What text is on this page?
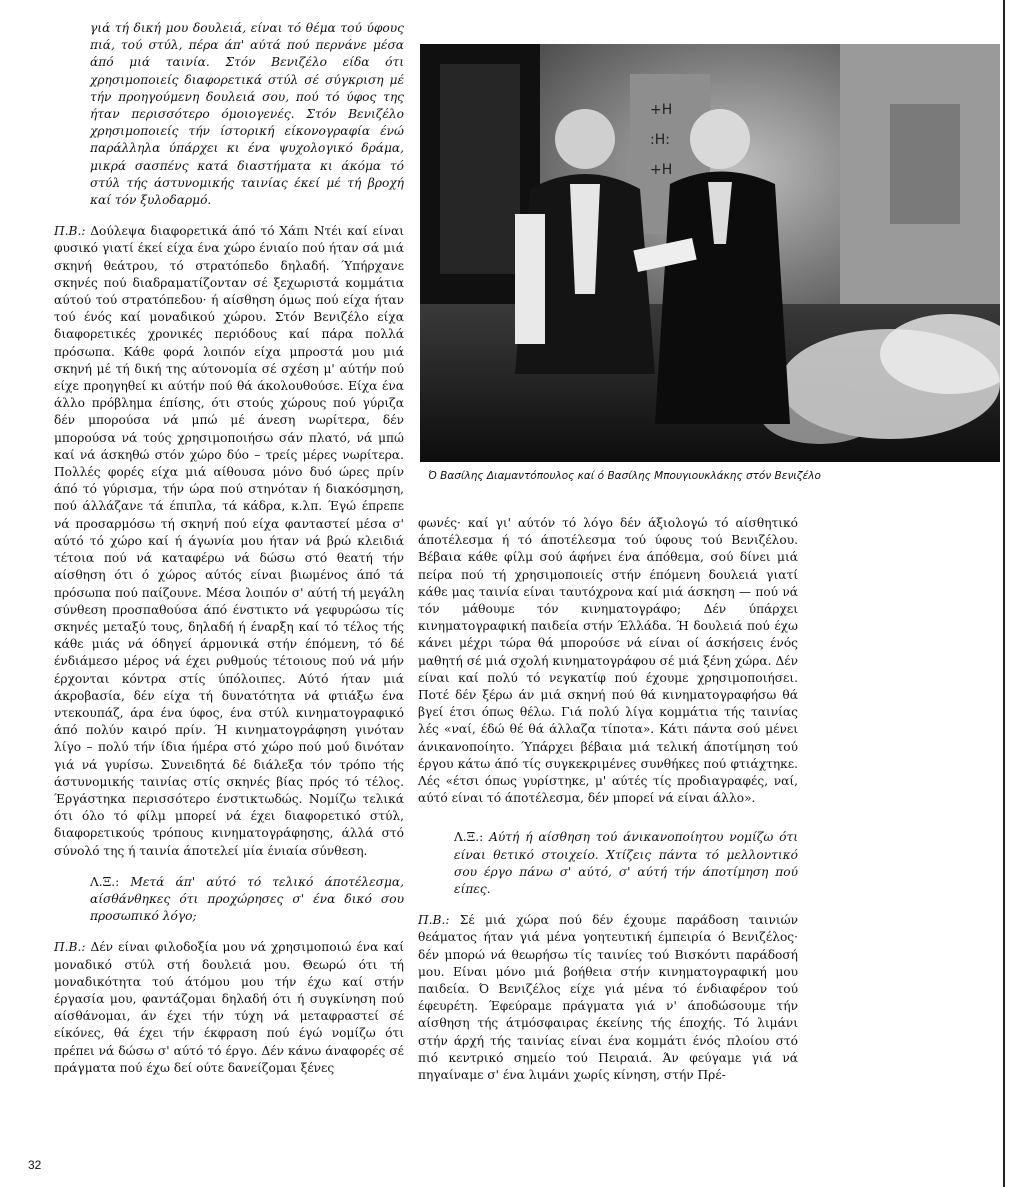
γιά τή δική μου δουλειά, είναι τό θέμα τού ύφους πιά, τού στύλ, πέρα άπ' αύτά πού περνάνε μέσα άπό μιά ταινία. Στόν Βενιζέλο είδα ότι χρησιμοποιείς διαφορετικά στύλ σέ σύγκριση μέ τήν προηγούμενη δουλειά σου, πού τό ύφος της ήταν περισσότερο όμοιογενές. Στόν Βενιζέλο χρησιμοποιείς τήν ίστορική είκονογραφία ένώ παράλληλα ύπάρχει κι ένα ψυχολογικό δράμα, μικρά σασπένς κατά διαστήματα κι άκόμα τό στύλ τής άστυνομικής ταινίας έκεί μέ τή βροχή καί τόν ξυλοδαρμό.

Π.Β.: Δούλεψα διαφορετικά άπό τό Χάπι Ντέι καί είναι φυσικό γιατί έκεί είχα ένα χώρο ένιαίο πού ήταν σά μιά σκηνή θεάτρου, τό στρατόπεδο δηλαδή. Ύπήρχανε σκηνές πού διαδραματίζονταν σέ ξεχωριστά κομμάτια αύτού τού στρατόπεδου· ή αίσθηση όμως πού είχα ήταν τού ένός καί μοναδικού χώρου. Στόν Βενιζέλο είχα διαφορετικές χρονικές περιόδους καί πάρα πολλά πρόσωπα. Κάθε φορά λοιπόν είχα μπροστά μου μιά σκηνή μέ τή δική της αύτονομία σέ σχέση μ' αύτήν πού είχε προηγηθεί κι αύτήν πού θά άκολουθούσε. Είχα ένα άλλο πρόβλημα έπίσης, ότι στούς χώρους πού γύριζα δέν μπορούσα νά μπώ μέ άνεση νωρίτερα, δέν μπορούσα νά τούς χρησιμοποιήσω σάν πλατό, νά μπώ καί νά άσκηθώ στόν χώρο δύο – τρείς μέρες νωρίτερα. Πολλές φορές είχα μιά αίθουσα μόνο δυό ώρες πρίν άπό τό γύρισμα, τήν ώρα πού στηνόταν ή διακόσμηση, πού άλλάζανε τά έπιπλα, τά κάδρα, κ.λπ. Έγώ έπρεπε νά προσαρμόσω τή σκηνή πού είχα φανταστεί μέσα σ' αύτό τό χώρο καί ή άγωνία μου ήταν νά βρώ κλειδιά τέτοια πού νά καταφέρω νά δώσω στό θεατή τήν αίσθηση ότι ό χώρος αύτός είναι βιωμένος άπό τά πρόσωπα πού παίζουνε. Μέσα λοιπόν σ' αύτή τή μεγάλη σύνθεση προσπαθούσα άπό ένστικτο νά γεφυρώσω τίς σκηνές μεταξύ τους, δηλαδή ή έναρξη καί τό τέλος τής κάθε μιάς νά όδηγεί άρμονικά στήν έπόμενη, τό δέ ένδιάμεσο μέρος νά έχει ρυθμούς τέτοιους πού νά μήν έρχονται κόντρα στίς ύπόλοιπες. Αύτό ήταν μιά άκροβασία, δέν είχα τή δυνατότητα νά φτιάξω ένα ντεκουπάζ, άρα ένα ύφος, ένα στύλ κινηματογραφικό άπό πολύν καιρό πρίν. Ή κινηματογράφηση γινόταν λίγο – πολύ τήν ίδια ήμέρα στό χώρο πού μού δινόταν γιά νά γυρίσω. Συνειδητά δέ διάλεξα τόν τρόπο τής άστυνομικής ταινίας στίς σκηνές βίας πρός τό τέλος. Έργάστηκα περισσότερο ένστικτωδώς. Νομίζω τελικά ότι όλο τό φίλμ μπορεί νά έχει διαφορετικό στύλ, διαφορετικούς τρόπους κινηματογράφησης, άλλά στό σύνολό της ή ταινία άποτελεί μία ένιαία σύνθεση.

Λ.Ξ.: Μετά άπ' αύτό τό τελικό άποτέλεσμα, αίσθάνθηκες ότι προχώρησες σ' ένα δικό σου προσωπικό λόγο;

Π.Β.: Δέν είναι φιλοδοξία μου νά χρησιμοποιώ ένα καί μοναδικό στύλ στή δουλειά μου. Θεωρώ ότι τή μοναδικότητα τού άτόμου μου τήν έχω καί στήν έργασία μου, φαντάζομαι δηλαδή ότι ή συγκίνηση πού αίσθάνομαι, άν έχει τήν τύχη νά μεταφραστεί σέ είκόνες, θά έχει τήν έκφραση πού έγώ νομίζω ότι πρέπει νά δώσω σ' αύτό τό έργο. Δέν κάνω άναφορές σέ πράγματα πού έχω δεί ούτε δανείζομαι ξένες

+H
:H:
+H
Ό Βασίλης Διαμαντόπουλος καί ό Βασίλης Μπουγιουκλάκης στόν Βενιζέλο

φωνές· καί γι' αύτόν τό λόγο δέν άξιολογώ τό αίσθητικό άποτέλεσμα ή τό άποτέλεσμα τού ύφους τού Βενιζέλου. Βέβαια κάθε φίλμ σού άφήνει ένα άπόθεμα, σού δίνει μιά πείρα πού τή χρησιμοποιείς στήν έπόμενη δουλειά γιατί κάθε μας ταινία είναι ταυτόχρονα καί μιά άσκηση — πού νά τόν μάθουμε τόν κινηματογράφο; Δέν ύπάρχει κινηματογραφική παιδεία στήν Έλλάδα. Ή δουλειά πού έχω κάνει μέχρι τώρα θά μπορούσε νά είναι οί άσκήσεις ένός μαθητή σέ μιά σχολή κινηματογράφου σέ μιά ξένη χώρα. Δέν είναι καί πολύ τό νεγκατίφ πού έχουμε χρησιμοποιήσει. Ποτέ δέν ξέρω άν μιά σκηνή πού θά κινηματογραφήσω θά βγεί έτσι όπως θέλω. Γιά πολύ λίγα κομμάτια τής ταινίας λές «ναί, έδώ θέ θά άλλαζα τίποτα». Κάτι πάντα σού μένει άνικανοποίητο. Ύπάρχει βέβαια μιά τελική άποτίμηση τού έργου κάτω άπό τίς συγκεκριμένες συνθήκες πού φτιάχτηκε. Λές «έτσι όπως γυρίστηκε, μ' αύτές τίς προδιαγραφές, ναί, αύτό είναι τό άποτέλεσμα, δέν μπορεί νά είναι άλλο».

Λ.Ξ.: Αύτή ή αίσθηση τού άνικανοποίητου νομίζω ότι είναι θετικό στοιχείο. Χτίζεις πάντα τό μελλοντικό σου έργο πάνω σ' αύτό, σ' αύτή τήν άποτίμηση πού είπες.

Π.Β.: Σέ μιά χώρα πού δέν έχουμε παράδοση ταινιών θεάματος ήταν γιά μένα γοητευτική έμπειρία ό Βενιζέλος· δέν μπορώ νά θεωρήσω τίς ταινίες τού Βισκόντι παράδοσή μου. Είναι μόνο μιά βοήθεια στήν κινηματογραφική μου παιδεία. Ό Βενιζέλος είχε γιά μένα τό ένδιαφέρον τού έφευρέτη. Έφεύραμε πράγματα γιά ν' άποδώσουμε τήν αίσθηση τής άτμόσφαιρας έκείνης τής έποχής. Τό λιμάνι στήν άρχή τής ταινίας είναι ένα κομμάτι ένός πλοίου στό πιό κεντρικό σημείο τού Πειραιά. Άν φεύγαμε γιά νά πηγαίναμε σ' ένα λιμάνι χωρίς κίνηση, στήν Πρέ-

32
